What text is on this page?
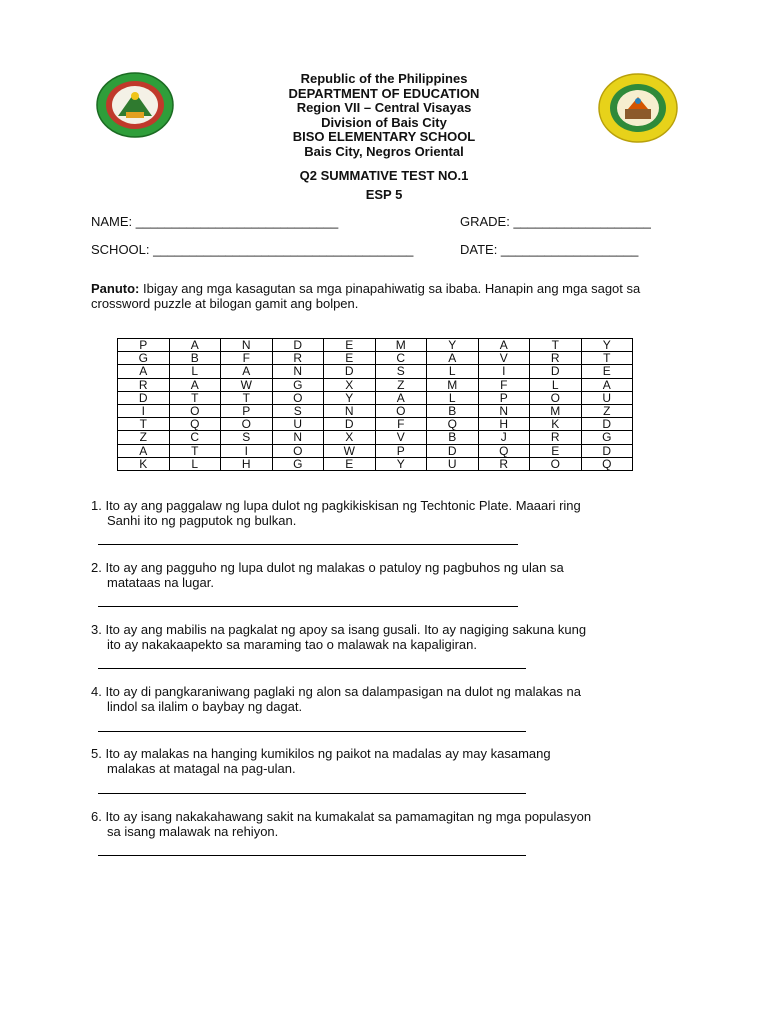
Republic of the Philippines
DEPARTMENT OF EDUCATION
Region VII – Central Visayas
Division of Bais City
BISO ELEMENTARY SCHOOL
Bais City, Negros Oriental
Q2 SUMMATIVE TEST NO.1
ESP 5
NAME: ____________________________	GRADE: ___________________
SCHOOL: ____________________________________	DATE: ___________________
Panuto: Ibigay ang mga kasagutan sa mga pinapahiwatig sa ibaba. Hanapin ang mga sagot sa crossword puzzle at bilogan gamit ang bolpen.
P	A	N	D	E	M	Y	A	T	Y
G	B	F	R	E	C	A	V	R	T
A	L	A	N	D	S	L	I	D	E
R	A	W	G	X	Z	M	F	L	A
D	T	T	O	Y	A	L	P	O	U
I	O	P	S	N	O	B	N	M	Z
T	Q	O	U	D	F	Q	H	K	D
Z	C	S	N	X	V	B	J	R	G
A	T	I	O	W	P	D	Q	E	D
K	L	H	G	E	Y	U	R	O	Q
1. Ito ay ang paggalaw ng lupa dulot ng pagkikiskisan ng Techtonic Plate. Maaari ring
Sanhi ito ng pagputok ng bulkan.
2. Ito ay ang pagguho ng lupa dulot ng malakas o patuloy ng pagbuhos ng ulan sa
matataas na lugar.
3. Ito ay ang mabilis na pagkalat ng apoy sa isang gusali. Ito ay nagiging sakuna kung
ito ay nakakaapekto sa maraming tao o malawak na kapaligiran.
4. Ito ay di pangkaraniwang paglaki ng alon sa dalampasigan na dulot ng malakas na
lindol sa ilalim o baybay ng dagat.
5. Ito ay malakas na hanging kumikilos ng paikot na madalas ay may kasamang
malakas at matagal na pag-ulan.
6. Ito ay isang nakakahawang sakit na kumakalat sa pamamagitan ng mga populasyon
sa isang malawak na rehiyon.
